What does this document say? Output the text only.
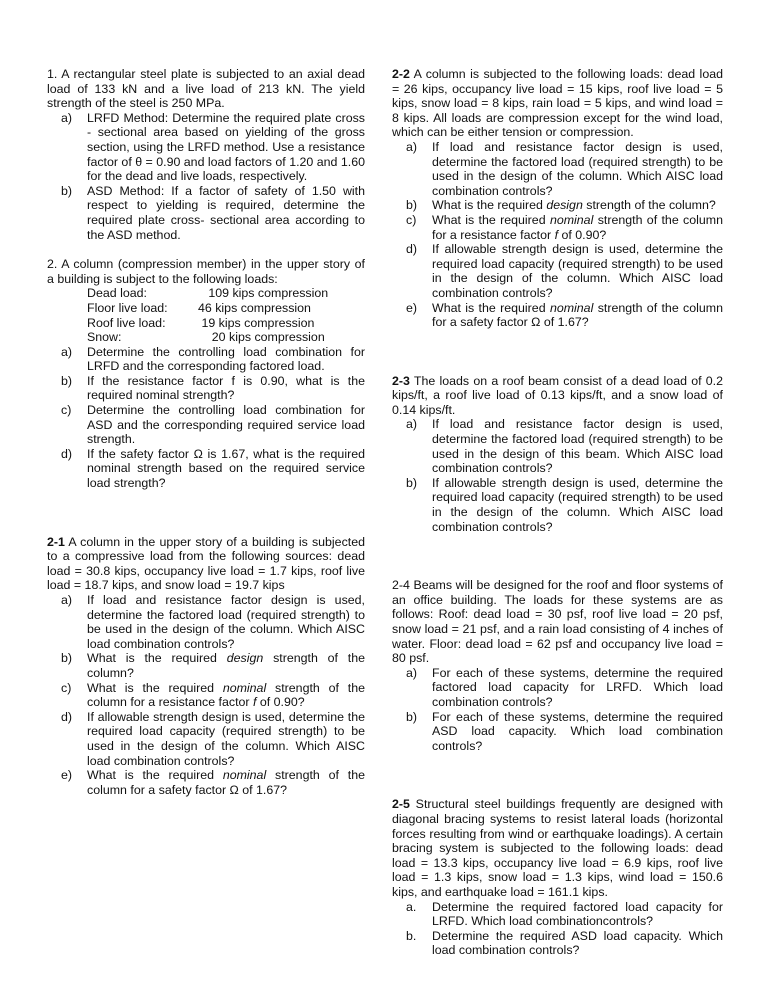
1. A rectangular steel plate is subjected to an axial dead load of 133 kN and a live load of 213 kN. The yield strength of the steel is 250 MPa.

a) LRFD Method: Determine the required plate cross - sectional area based on yielding of the gross section, using the LRFD method. Use a resistance factor of θ = 0.90 and load factors of 1.20 and 1.60 for the dead and live loads, respectively.
b) ASD Method: If a factor of safety of 1.50 with respect to yielding is required, determine the required plate cross- sectional area according to the ASD method.

2. A column (compression member) in the upper story of a building is subject to the following loads:

Dead load:	109 kips compression
Floor live load:	46 kips compression
Roof live load:	19 kips compression
Snow:	20 kips compression
a) Determine the controlling load combination for LRFD and the corresponding factored load.
b) If the resistance factor f is 0.90, what is the required nominal strength?
c) Determine the controlling load combination for ASD and the corresponding required service load strength.
d) If the safety factor Ω is 1.67, what is the required nominal strength based on the required service load strength?

2-1 A column in the upper story of a building is subjected to a compressive load from the following sources: dead load = 30.8 kips, occupancy live load = 1.7 kips, roof live load = 18.7 kips, and snow load = 19.7 kips

a) If load and resistance factor design is used, determine the factored load (required strength) to be used in the design of the column. Which AISC load combination controls?
b) What is the required design strength of the column?
c) What is the required nominal strength of the column for a resistance factor f of 0.90?
d) If allowable strength design is used, determine the required load capacity (required strength) to be used in the design of the column. Which AISC load combination controls?
e) What is the required nominal strength of the column for a safety factor Ω of 1.67?

2-2 A column is subjected to the following loads: dead load = 26 kips, occupancy live load = 15 kips, roof live load = 5 kips, snow load = 8 kips, rain load = 5 kips, and wind load = 8 kips. All loads are compression except for the wind load, which can be either tension or compression.

a) If load and resistance factor design is used, determine the factored load (required strength) to be used in the design of the column. Which AISC load combination controls?
b) What is the required design strength of the column?
c) What is the required nominal strength of the column for a resistance factor f of 0.90?
d) If allowable strength design is used, determine the required load capacity (required strength) to be used in the design of the column. Which AISC load combination controls?
e) What is the required nominal strength of the column for a safety factor Ω of 1.67?

2-3 The loads on a roof beam consist of a dead load of 0.2 kips/ft, a roof live load of 0.13 kips/ft, and a snow load of 0.14 kips/ft.

a) If load and resistance factor design is used, determine the factored load (required strength) to be used in the design of this beam. Which AISC load combination controls?
b) If allowable strength design is used, determine the required load capacity (required strength) to be used in the design of the column. Which AISC load combination controls?

2-4 Beams will be designed for the roof and floor systems of an office building. The loads for these systems are as follows: Roof: dead load = 30 psf, roof live load = 20 psf, snow load = 21 psf, and a rain load consisting of 4 inches of water. Floor: dead load = 62 psf and occupancy live load = 80 psf.

a) For each of these systems, determine the required factored load capacity for LRFD. Which load combination controls?
b) For each of these systems, determine the required ASD load capacity. Which load combination controls?

2-5 Structural steel buildings frequently are designed with diagonal bracing systems to resist lateral loads (horizontal forces resulting from wind or earthquake loadings). A certain bracing system is subjected to the following loads: dead load = 13.3 kips, occupancy live load = 6.9 kips, roof live load = 1.3 kips, snow load = 1.3 kips, wind load = 150.6 kips, and earthquake load = 161.1 kips.

a. Determine the required factored load capacity for LRFD. Which load combinationcontrols?
b. Determine the required ASD load capacity. Which load combination controls?
